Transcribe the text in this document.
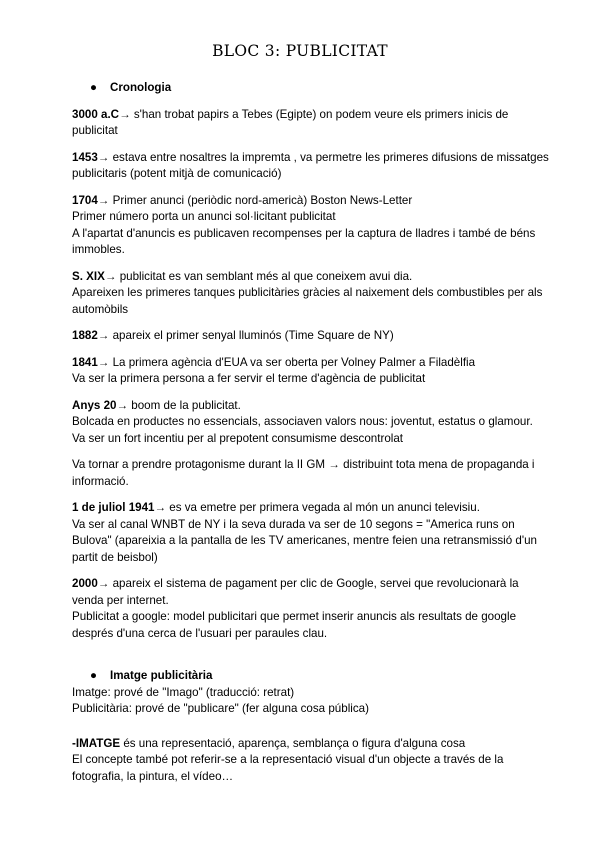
BLOC 3: PUBLICITAT
● Cronologia

3000 a.C→ s'han trobat papirs a Tebes (Egipte) on podem veure els primers inicis de publicitat

1453→ estava entre nosaltres la impremta , va permetre les primeres difusions de missatges publicitaris (potent mitjà de comunicació)

1704→ Primer anunci (periòdic nord-americà) Boston News-Letter

Primer número porta un anunci sol·licitant publicitat

A l'apartat d'anuncis es publicaven recompenses per la captura de lladres i també de béns immobles.

S. XIX→ publicitat es van semblant més al que coneixem avui dia.

Apareixen les primeres tanques publicitàries gràcies al naixement dels combustibles per als automòbils

1882→ apareix el primer senyal lluminós (Time Square de NY)

1841→ La primera agència d'EUA va ser oberta per Volney Palmer a Filadèlfia

Va ser la primera persona a fer servir el terme d'agència de publicitat

Anys 20→ boom de la publicitat.

Bolcada en productes no essencials, associaven valors nous: joventut, estatus o glamour.

Va ser un fort incentiu per al prepotent consumisme descontrolat

Va tornar a prendre protagonisme durant la II GM → distribuint tota mena de propaganda i informació.

1 de juliol 1941→ es va emetre per primera vegada al món un anunci televisiu.

Va ser al canal WNBT de NY i la seva durada va ser de 10 segons = "America runs on Bulova" (apareixia a la pantalla de les TV americanes, mentre feien una retransmissió d'un partit de beisbol)

2000→ apareix el sistema de pagament per clic de Google, servei que revolucionarà la venda per internet.

Publicitat a google: model publicitari que permet inserir anuncis als resultats de google després d'una cerca de l'usuari per paraules clau.

● Imatge publicitària

Imatge: prové de "Imago" (traducció: retrat)

Publicitària: prové de "publicare" (fer alguna cosa pública)

-IMATGE és una representació, aparença, semblança o figura d'alguna cosa

El concepte també pot referir-se a la representació visual d'un objecte a través de la fotografia, la pintura, el vídeo…
